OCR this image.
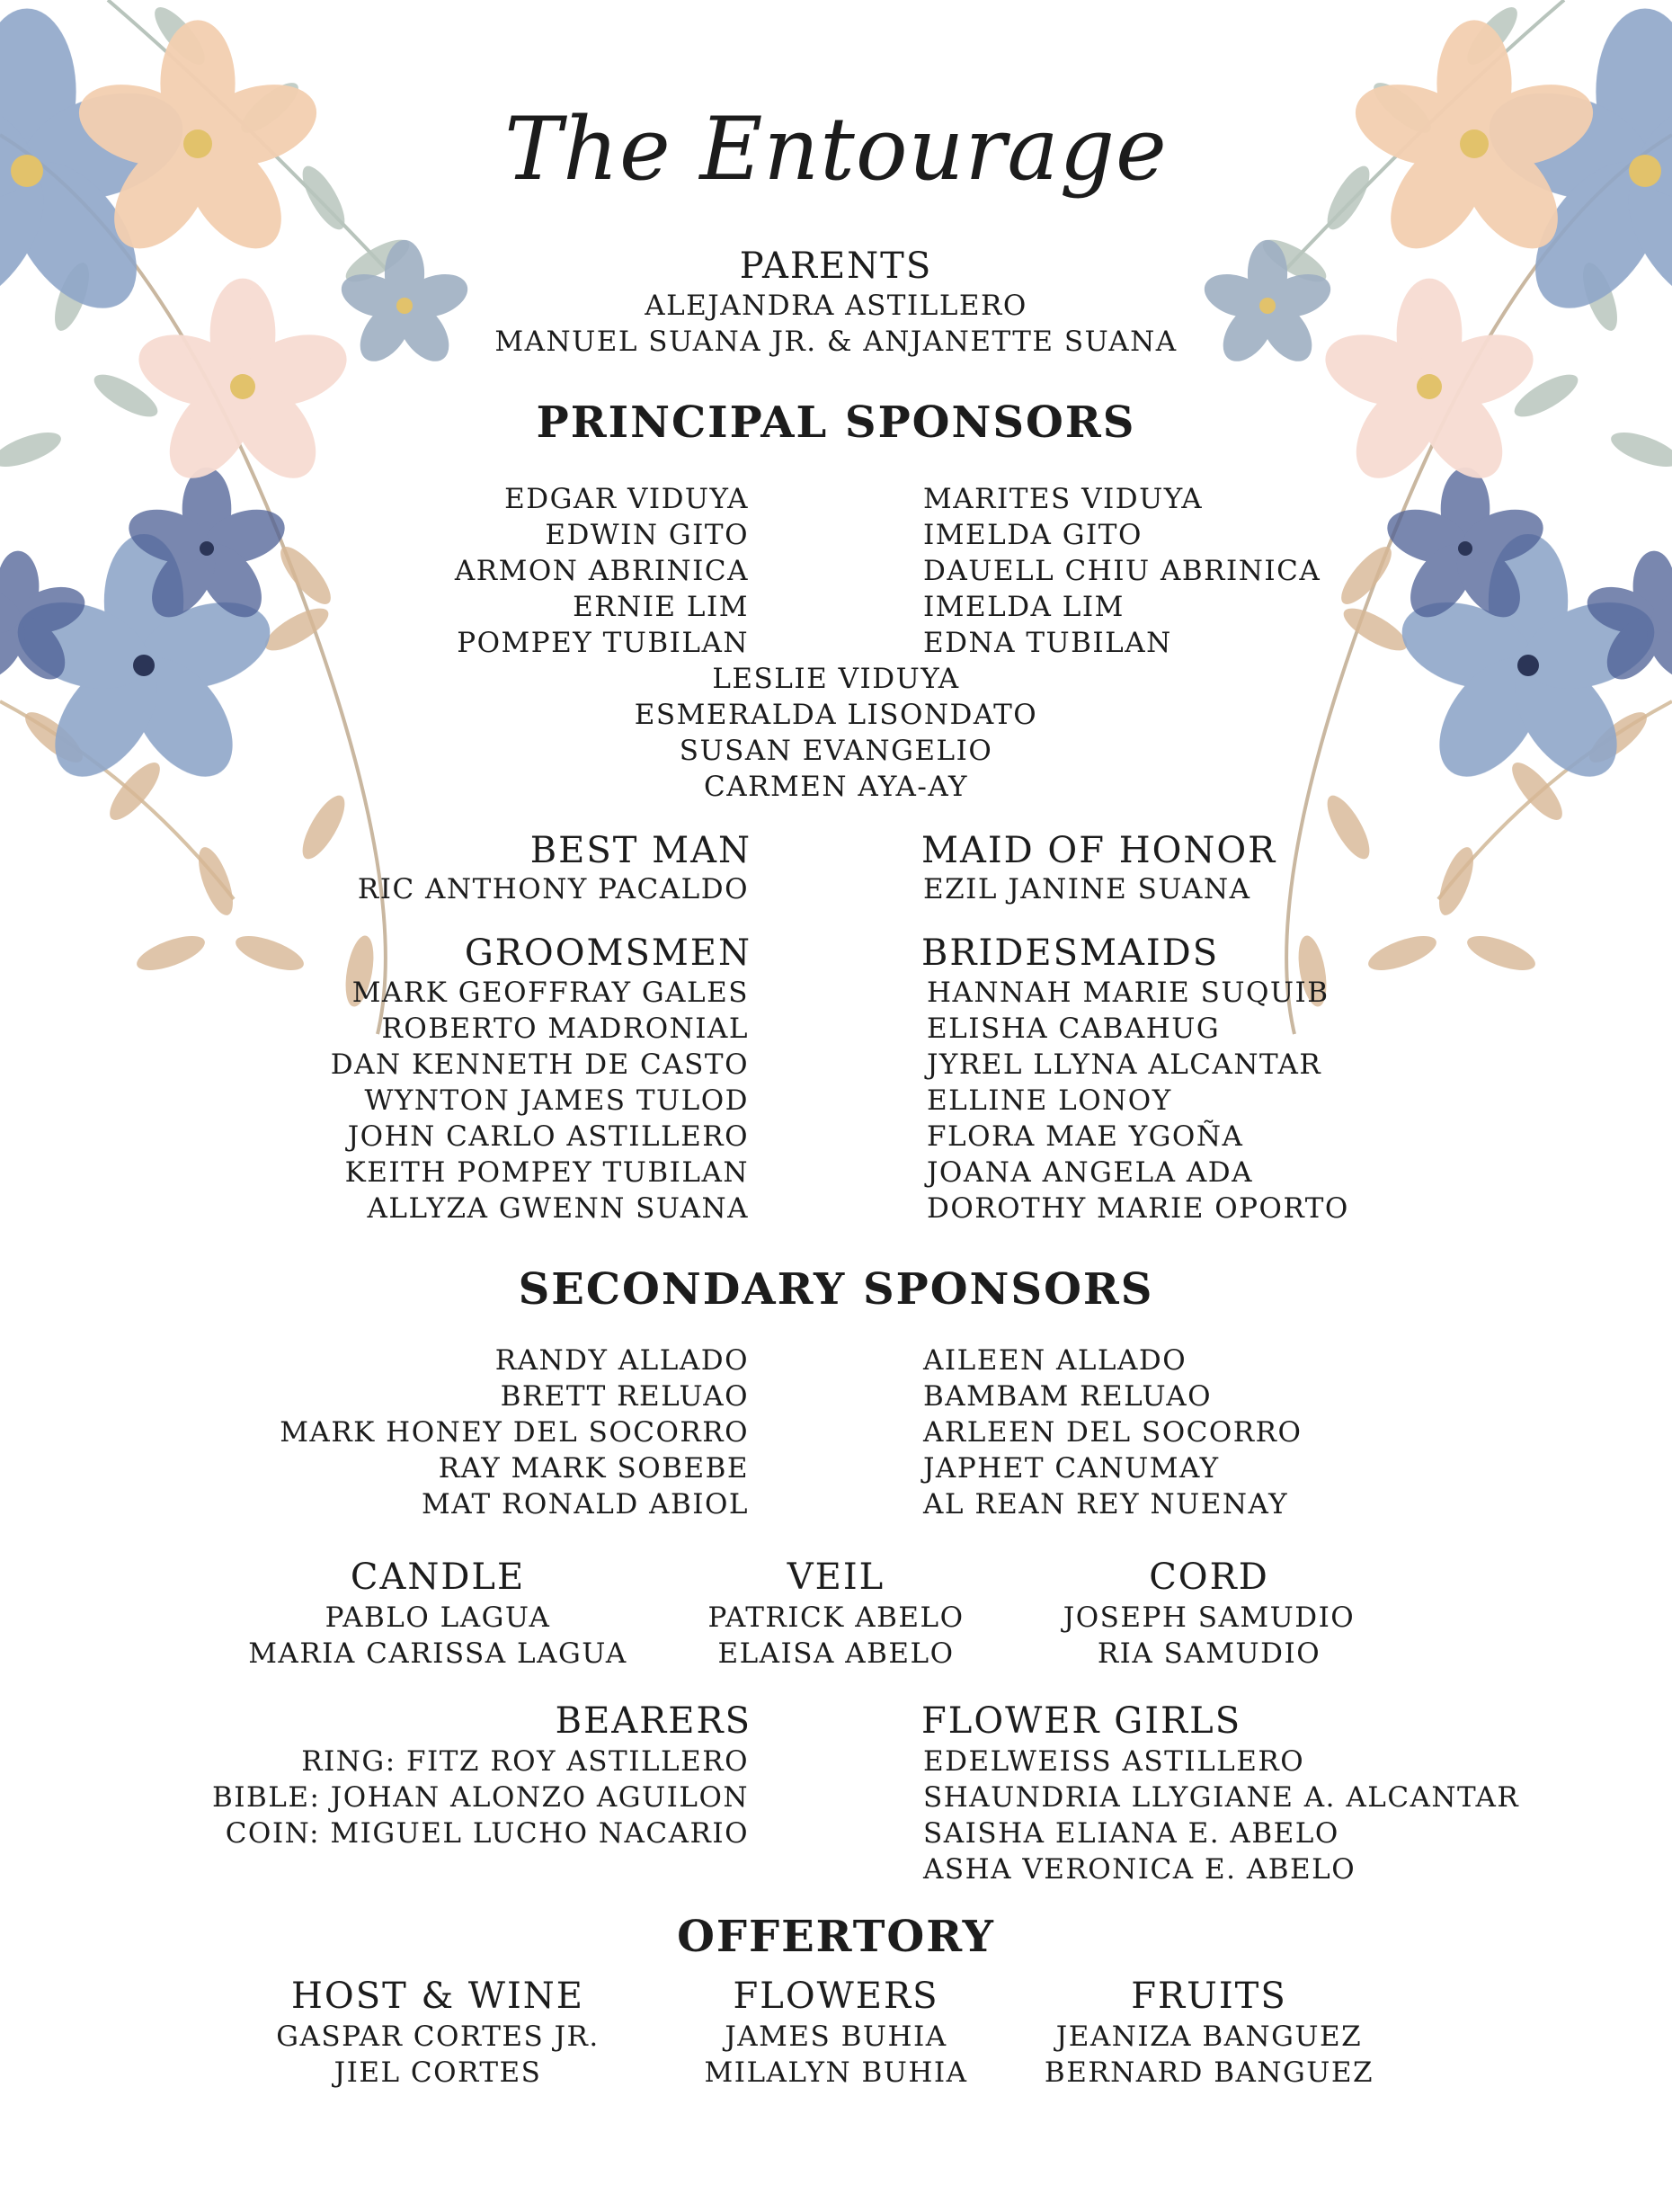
The Entourage
PARENTS
ALEJANDRA ASTILLERO
MANUEL SUANA JR. & ANJANETTE SUANA
PRINCIPAL SPONSORS
EDGAR VIDUYA
EDWIN GITO
ARMON ABRINICA
ERNIE LIM
POMPEY TUBILAN
MARITES VIDUYA
IMELDA GITO
DAUELL CHIU ABRINICA
IMELDA LIM
EDNA TUBILAN
LESLIE VIDUYA
ESMERALDA LISONDATO
SUSAN EVANGELIO
CARMEN AYA-AY
BEST MAN
RIC ANTHONY PACALDO
MAID OF HONOR
EZIL JANINE SUANA
GROOMSMEN	BRIDESMAIDS
MARK GEOFFRAY GALES
ROBERTO MADRONIAL
DAN KENNETH DE CASTO
WYNTON JAMES TULOD
JOHN CARLO ASTILLERO
KEITH POMPEY TUBILAN
ALLYZA GWENN SUANA
HANNAH MARIE SUQUIB
ELISHA CABAHUG
JYREL LLYNA ALCANTAR
ELLINE LONOY
FLORA MAE YGOÑA
JOANA ANGELA ADA
DOROTHY MARIE OPORTO
SECONDARY SPONSORS
RANDY ALLADO
BRETT RELUAO
MARK HONEY DEL SOCORRO
RAY MARK SOBEBE
MAT RONALD ABIOL
AILEEN ALLADO
BAMBAM RELUAO
ARLEEN DEL SOCORRO
JAPHET CANUMAY
AL REAN REY NUENAY
CANDLE
PABLO LAGUA
MARIA CARISSA LAGUA
VEIL
PATRICK ABELO
ELAISA ABELO
CORD
JOSEPH SAMUDIO
RIA SAMUDIO
BEARERS
RING: FITZ ROY ASTILLERO
BIBLE: JOHAN ALONZO AGUILON
COIN: MIGUEL LUCHO NACARIO
FLOWER GIRLS
EDELWEISS ASTILLERO
SHAUNDRIA LLYGIANE A. ALCANTAR
SAISHA ELIANA E. ABELO
ASHA VERONICA E. ABELO
OFFERTORY
HOST & WINE
GASPAR CORTES JR.
JIEL CORTES
FLOWERS
JAMES BUHIA
MILALYN BUHIA
FRUITS
JEANIZA BANGUEZ
BERNARD BANGUEZ
